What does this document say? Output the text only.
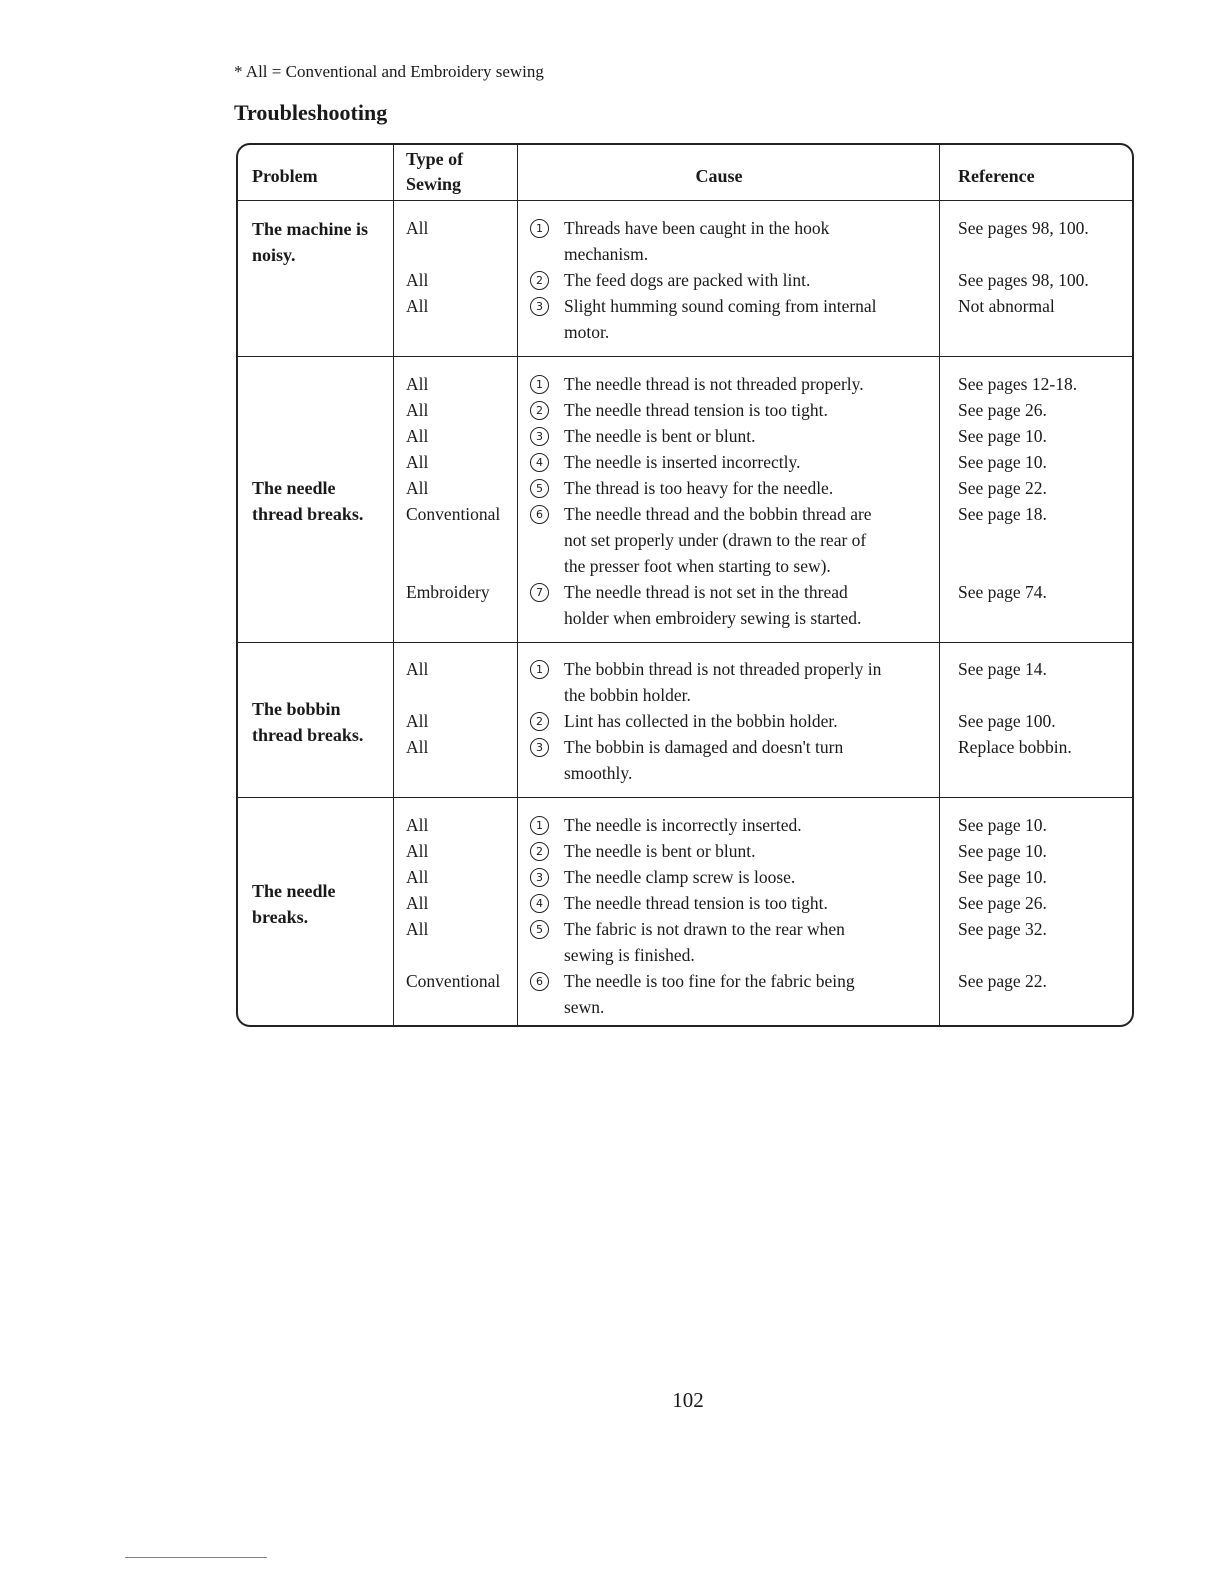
* All = Conventional and Embroidery sewing
Troubleshooting
Problem
Type of
Sewing	Cause	Reference
The machine is
noisy.
All	1	Threads have been caught in the hook	See pages 98, 100.
mechanism.
All	2	The feed dogs are packed with lint.	See pages 98, 100.
All	3	Slight humming sound coming from internal	Not abnormal
motor.
The needle
thread breaks.
All	1	The needle thread is not threaded properly.	See pages 12-18.
All	2	The needle thread tension is too tight.	See page 26.
All	3	The needle is bent or blunt.	See page 10.
All	4	The needle is inserted incorrectly.	See page 10.
All	5	The thread is too heavy for the needle.	See page 22.
Conventional	6	The needle thread and the bobbin thread are	See page 18.
not set properly under (drawn to the rear of
the presser foot when starting to sew).
Embroidery	7	The needle thread is not set in the thread	See page 74.
holder when embroidery sewing is started.
The bobbin
thread breaks.
All	1	The bobbin thread is not threaded properly in	See page 14.
the bobbin holder.
All	2	Lint has collected in the bobbin holder.	See page 100.
All	3	The bobbin is damaged and doesn't turn	Replace bobbin.
smoothly.
The needle
breaks.
All	1	The needle is incorrectly inserted.	See page 10.
All	2	The needle is bent or blunt.	See page 10.
All	3	The needle clamp screw is loose.	See page 10.
All	4	The needle thread tension is too tight.	See page 26.
All	5	The fabric is not drawn to the rear when	See page 32.
sewing is finished.
Conventional	6	The needle is too fine for the fabric being	See page 22.
sewn.
102
